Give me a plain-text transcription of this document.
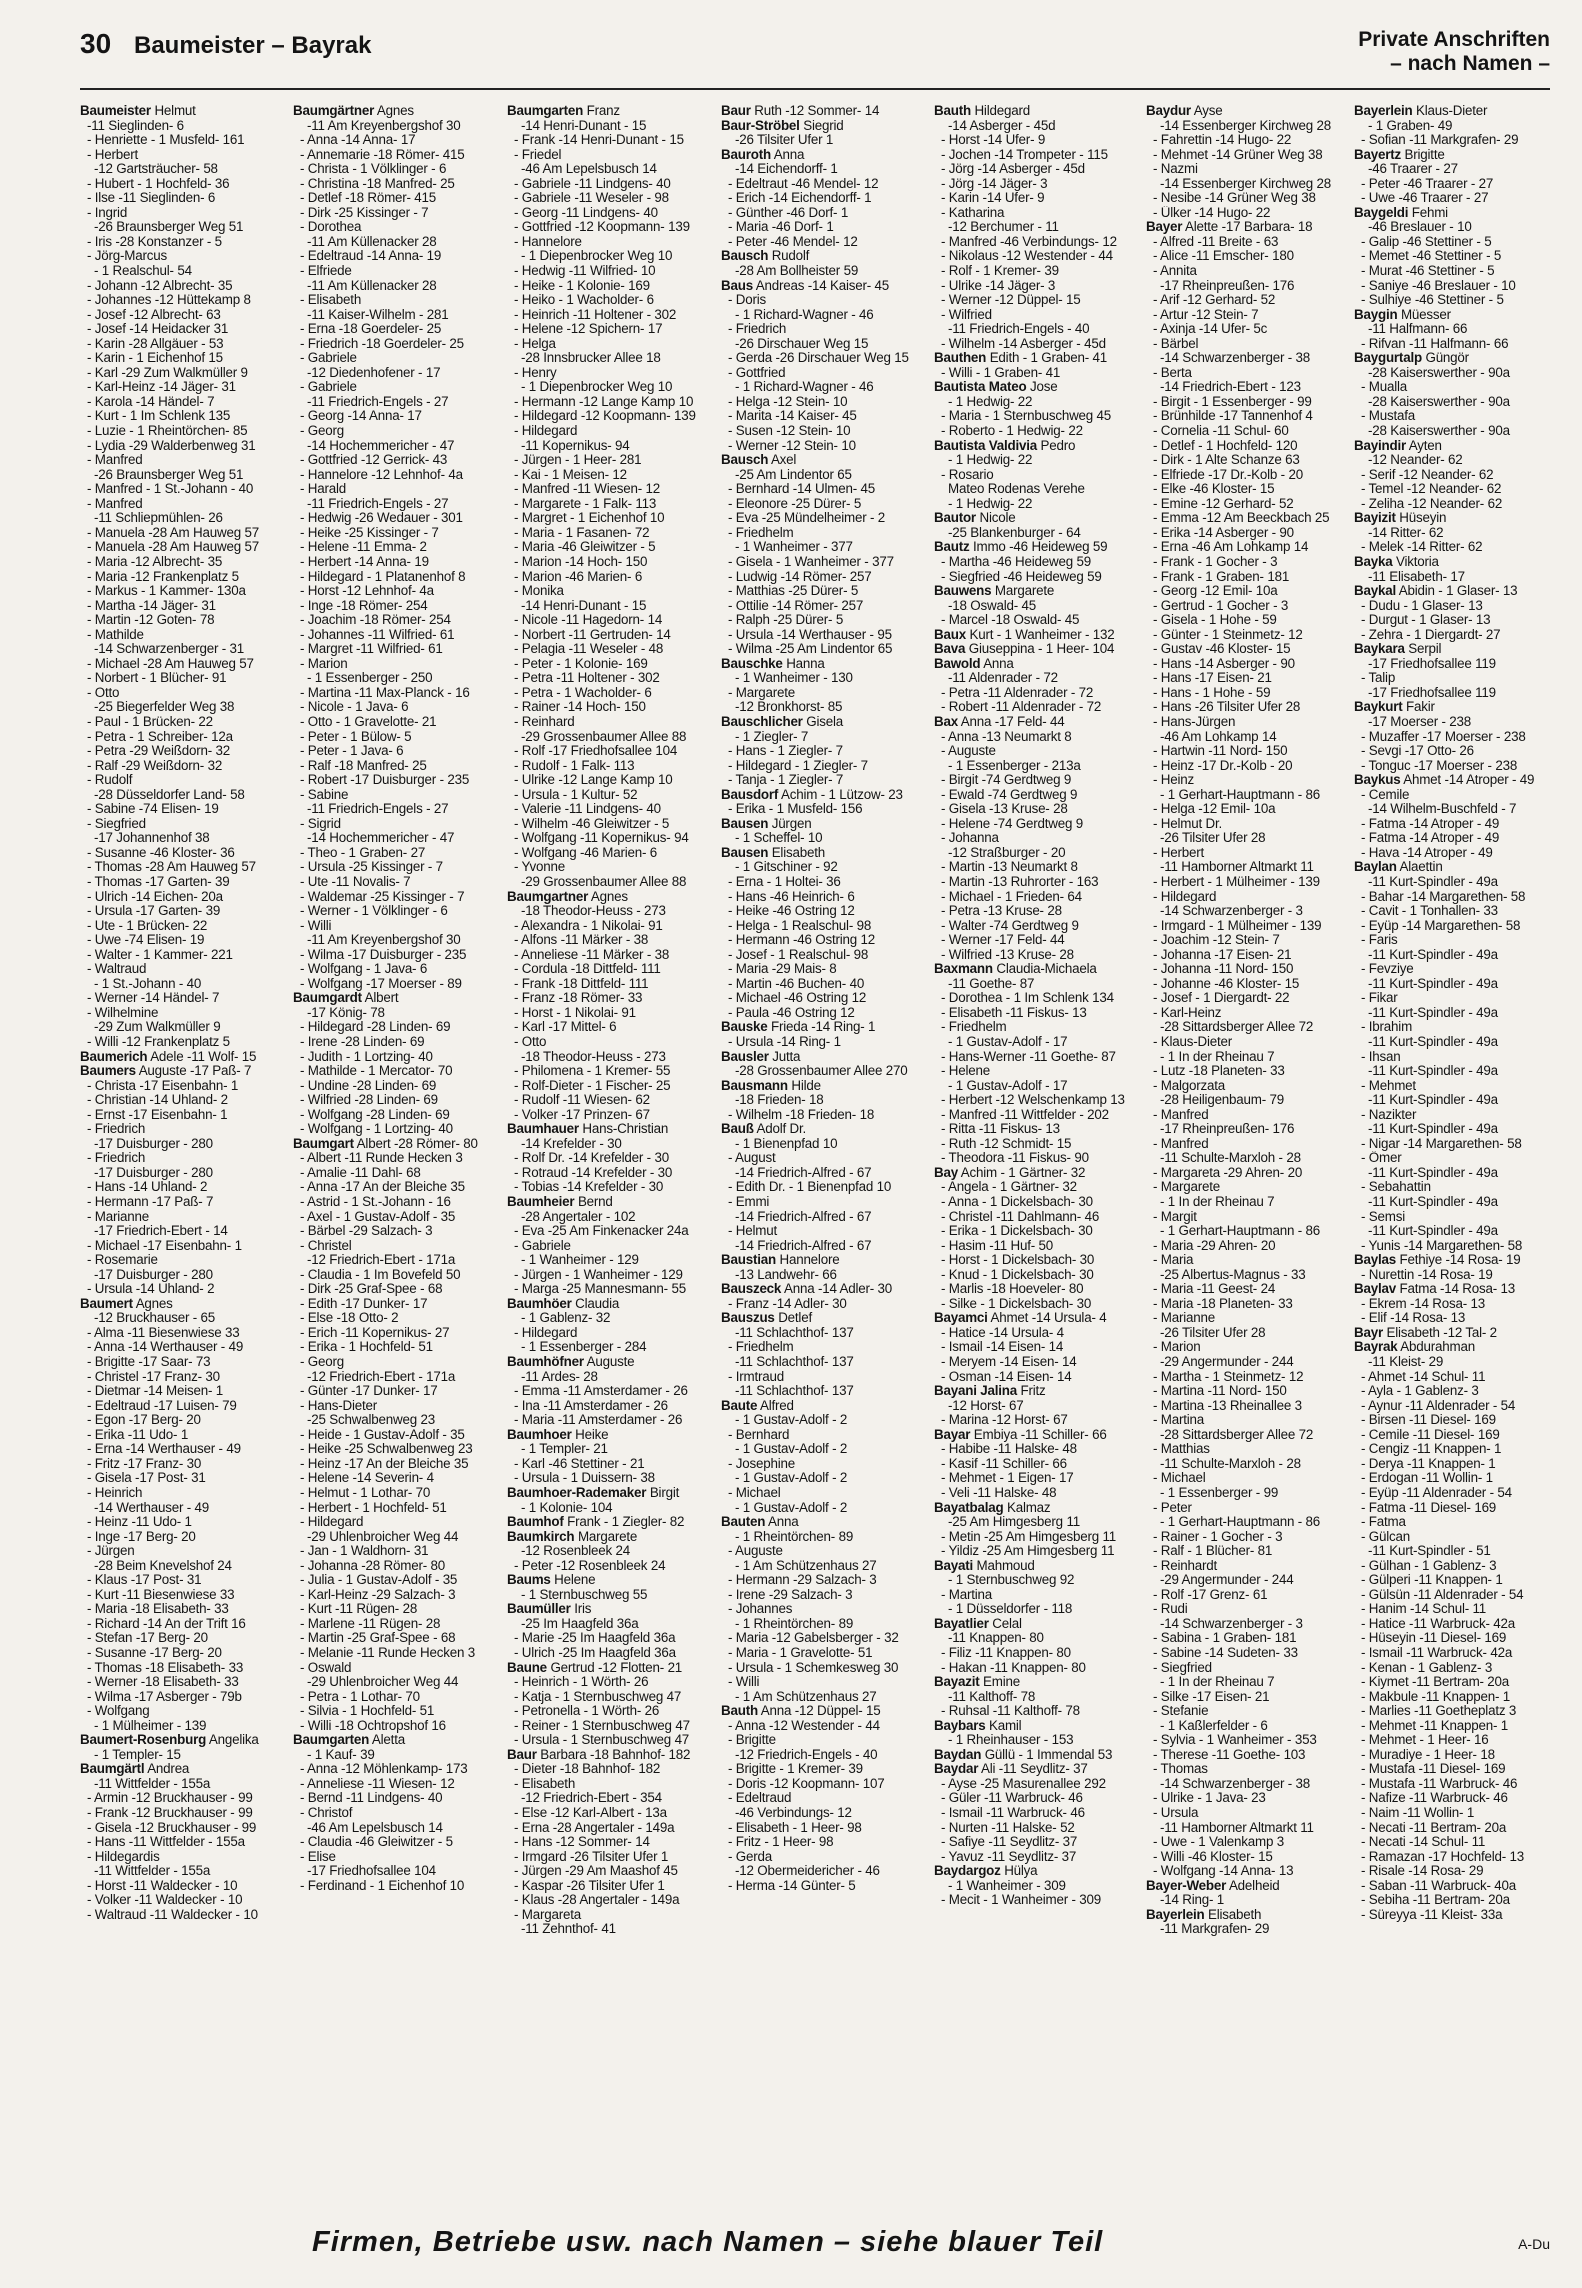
30 Baumeister – Bayrak	Private Anschriften
– nach Namen –
Baumeister Helmut
-11 Sieglinden- 6
- Henriette - 1 Musfeld- 161
- Herbert
-12 Gartsträucher- 58
- Hubert - 1 Hochfeld- 36
- Ilse -11 Sieglinden- 6
- Ingrid
-26 Braunsberger Weg 51
- Iris -28 Konstanzer - 5
- Jörg-Marcus
- 1 Realschul- 54
- Johann -12 Albrecht- 35
- Johannes -12 Hüttekamp 8
- Josef -12 Albrecht- 63
- Josef -14 Heidacker 31
- Karin -28 Allgäuer - 53
- Karin - 1 Eichenhof 15
- Karl -29 Zum Walkmüller 9
- Karl-Heinz -14 Jäger- 31
- Karola -14 Händel- 7
- Kurt - 1 Im Schlenk 135
- Luzie - 1 Rheintörchen- 85
- Lydia -29 Walderbenweg 31
- Manfred
-26 Braunsberger Weg 51
- Manfred - 1 St.-Johann - 40
- Manfred
-11 Schliepmühlen- 26
- Manuela -28 Am Hauweg 57
- Manuela -28 Am Hauweg 57
- Maria -12 Albrecht- 35
- Maria -12 Frankenplatz 5
- Markus - 1 Kammer- 130a
- Martha -14 Jäger- 31
- Martin -12 Goten- 78
- Mathilde
-14 Schwarzenberger - 31
- Michael -28 Am Hauweg 57
- Norbert - 1 Blücher- 91
- Otto
-25 Biegerfelder Weg 38
- Paul - 1 Brücken- 22
- Petra - 1 Schreiber- 12a
- Petra -29 Weißdorn- 32
- Ralf -29 Weißdorn- 32
- Rudolf
-28 Düsseldorfer Land- 58
- Sabine -74 Elisen- 19
- Siegfried
-17 Johannenhof 38
- Susanne -46 Kloster- 36
- Thomas -28 Am Hauweg 57
- Thomas -17 Garten- 39
- Ulrich -14 Eichen- 20a
- Ursula -17 Garten- 39
- Ute - 1 Brücken- 22
- Uwe -74 Elisen- 19
- Walter - 1 Kammer- 221
- Waltraud
- 1 St.-Johann - 40
- Werner -14 Händel- 7
- Wilhelmine
-29 Zum Walkmüller 9
- Willi -12 Frankenplatz 5
Baumerich Adele -11 Wolf- 15
Baumers Auguste -17 Paß- 7
- Christa -17 Eisenbahn- 1
- Christian -14 Uhland- 2
- Ernst -17 Eisenbahn- 1
- Friedrich
-17 Duisburger - 280
- Friedrich
-17 Duisburger - 280
- Hans -14 Uhland- 2
- Hermann -17 Paß- 7
- Marianne
-17 Friedrich-Ebert - 14
- Michael -17 Eisenbahn- 1
- Rosemarie
-17 Duisburger - 280
- Ursula -14 Uhland- 2
Baumert Agnes
-12 Bruckhauser - 65
- Alma -11 Biesenwiese 33
- Anna -14 Werthauser - 49
- Brigitte -17 Saar- 73
- Christel -17 Franz- 30
- Dietmar -14 Meisen- 1
- Edeltraud -17 Luisen- 79
- Egon -17 Berg- 20
- Erika -11 Udo- 1
- Erna -14 Werthauser - 49
- Fritz -17 Franz- 30
- Gisela -17 Post- 31
- Heinrich
-14 Werthauser - 49
- Heinz -11 Udo- 1
- Inge -17 Berg- 20
- Jürgen
-28 Beim Knevelshof 24
- Klaus -17 Post- 31
- Kurt -11 Biesenwiese 33
- Maria -18 Elisabeth- 33
- Richard -14 An der Trift 16
- Stefan -17 Berg- 20
- Susanne -17 Berg- 20
- Thomas -18 Elisabeth- 33
- Werner -18 Elisabeth- 33
- Wilma -17 Asberger - 79b
- Wolfgang
- 1 Mülheimer - 139
Baumert-Rosenburg Angelika
- 1 Templer- 15
Baumgärtl Andrea
-11 Wittfelder - 155a
- Armin -12 Bruckhauser - 99
- Frank -12 Bruckhauser - 99
- Gisela -12 Bruckhauser - 99
- Hans -11 Wittfelder - 155a
- Hildegardis
-11 Wittfelder - 155a
- Horst -11 Waldecker - 10
- Volker -11 Waldecker - 10
- Waltraud -11 Waldecker - 10
Baumgärtner Agnes
-11 Am Kreyenbergshof 30
- Anna -14 Anna- 17
- Annemarie -18 Römer- 415
- Christa - 1 Völklinger - 6
- Christina -18 Manfred- 25
- Detlef -18 Römer- 415
- Dirk -25 Kissinger - 7
- Dorothea
-11 Am Küllenacker 28
- Edeltraud -14 Anna- 19
- Elfriede
-11 Am Küllenacker 28
- Elisabeth
-11 Kaiser-Wilhelm - 281
- Erna -18 Goerdeler- 25
- Friedrich -18 Goerdeler- 25
- Gabriele
-12 Diedenhofener - 17
- Gabriele
-11 Friedrich-Engels - 27
- Georg -14 Anna- 17
- Georg
-14 Hochemmericher - 47
- Gottfried -12 Gerrick- 43
- Hannelore -12 Lehnhof- 4a
- Harald
-11 Friedrich-Engels - 27
- Hedwig -26 Wedauer - 301
- Heike -25 Kissinger - 7
- Helene -11 Emma- 2
- Herbert -14 Anna- 19
- Hildegard - 1 Platanenhof 8
- Horst -12 Lehnhof- 4a
- Inge -18 Römer- 254
- Joachim -18 Römer- 254
- Johannes -11 Wilfried- 61
- Margret -11 Wilfried- 61
- Marion
- 1 Essenberger - 250
- Martina -11 Max-Planck - 16
- Nicole - 1 Java- 6
- Otto - 1 Gravelotte- 21
- Peter - 1 Bülow- 5
- Peter - 1 Java- 6
- Ralf -18 Manfred- 25
- Robert -17 Duisburger - 235
- Sabine
-11 Friedrich-Engels - 27
- Sigrid
-14 Hochemmericher - 47
- Theo - 1 Graben- 27
- Ursula -25 Kissinger - 7
- Ute -11 Novalis- 7
- Waldemar -25 Kissinger - 7
- Werner - 1 Völklinger - 6
- Willi
-11 Am Kreyenbergshof 30
- Wilma -17 Duisburger - 235
- Wolfgang - 1 Java- 6
- Wolfgang -17 Moerser - 89
Baumgardt Albert
-17 König- 78
- Hildegard -28 Linden- 69
- Irene -28 Linden- 69
- Judith - 1 Lortzing- 40
- Mathilde - 1 Mercator- 70
- Undine -28 Linden- 69
- Wilfried -28 Linden- 69
- Wolfgang -28 Linden- 69
- Wolfgang - 1 Lortzing- 40
Baumgart Albert -28 Römer- 80
- Albert -11 Runde Hecken 3
- Amalie -11 Dahl- 68
- Anna -17 An der Bleiche 35
- Astrid - 1 St.-Johann - 16
- Axel - 1 Gustav-Adolf - 35
- Bärbel -29 Salzach- 3
- Christel
-12 Friedrich-Ebert - 171a
- Claudia - 1 Im Bovefeld 50
- Dirk -25 Graf-Spee - 68
- Edith -17 Dunker- 17
- Else -18 Otto- 2
- Erich -11 Kopernikus- 27
- Erika - 1 Hochfeld- 51
- Georg
-12 Friedrich-Ebert - 171a
- Günter -17 Dunker- 17
- Hans-Dieter
-25 Schwalbenweg 23
- Heide - 1 Gustav-Adolf - 35
- Heike -25 Schwalbenweg 23
- Heinz -17 An der Bleiche 35
- Helene -14 Severin- 4
- Helmut - 1 Lothar- 70
- Herbert - 1 Hochfeld- 51
- Hildegard
-29 Uhlenbroicher Weg 44
- Jan - 1 Waldhorn- 31
- Johanna -28 Römer- 80
- Julia - 1 Gustav-Adolf - 35
- Karl-Heinz -29 Salzach- 3
- Kurt -11 Rügen- 28
- Marlene -11 Rügen- 28
- Martin -25 Graf-Spee - 68
- Melanie -11 Runde Hecken 3
- Oswald
-29 Uhlenbroicher Weg 44
- Petra - 1 Lothar- 70
- Silvia - 1 Hochfeld- 51
- Willi -18 Ochtropshof 16
Baumgarten Aletta
- 1 Kauf- 39
- Anna -12 Möhlenkamp- 173
- Anneliese -11 Wiesen- 12
- Bernd -11 Lindgens- 40
- Christof
-46 Am Lepelsbusch 14
- Claudia -46 Gleiwitzer - 5
- Elise
-17 Friedhofsallee 104
- Ferdinand - 1 Eichenhof 10
Baumgarten Franz
-14 Henri-Dunant - 15
- Frank -14 Henri-Dunant - 15
- Friedel
-46 Am Lepelsbusch 14
- Gabriele -11 Lindgens- 40
- Gabriele -11 Weseler - 98
- Georg -11 Lindgens- 40
- Gottfried -12 Koopmann- 139
- Hannelore
- 1 Diepenbrocker Weg 10
- Hedwig -11 Wilfried- 10
- Heike - 1 Kolonie- 169
- Heiko - 1 Wacholder- 6
- Heinrich -11 Holtener - 302
- Helene -12 Spichern- 17
- Helga
-28 Innsbrucker Allee 18
- Henry
- 1 Diepenbrocker Weg 10
- Hermann -12 Lange Kamp 10
- Hildegard -12 Koopmann- 139
- Hildegard
-11 Kopernikus- 94
- Jürgen - 1 Heer- 281
- Kai - 1 Meisen- 12
- Manfred -11 Wiesen- 12
- Margarete - 1 Falk- 113
- Margret - 1 Eichenhof 10
- Maria - 1 Fasanen- 72
- Maria -46 Gleiwitzer - 5
- Marion -14 Hoch- 150
- Marion -46 Marien- 6
- Monika
-14 Henri-Dunant - 15
- Nicole -11 Hagedorn- 14
- Norbert -11 Gertruden- 14
- Pelagia -11 Weseler - 48
- Peter - 1 Kolonie- 169
- Petra -11 Holtener - 302
- Petra - 1 Wacholder- 6
- Rainer -14 Hoch- 150
- Reinhard
-29 Grossenbaumer Allee 88
- Rolf -17 Friedhofsallee 104
- Rudolf - 1 Falk- 113
- Ulrike -12 Lange Kamp 10
- Ursula - 1 Kultur- 52
- Valerie -11 Lindgens- 40
- Wilhelm -46 Gleiwitzer - 5
- Wolfgang -11 Kopernikus- 94
- Wolfgang -46 Marien- 6
- Yvonne
-29 Grossenbaumer Allee 88
Baumgartner Agnes
-18 Theodor-Heuss - 273
- Alexandra - 1 Nikolai- 91
- Alfons -11 Märker - 38
- Anneliese -11 Märker - 38
- Cordula -18 Dittfeld- 111
- Frank -18 Dittfeld- 111
- Franz -18 Römer- 33
- Horst - 1 Nikolai- 91
- Karl -17 Mittel- 6
- Otto
-18 Theodor-Heuss - 273
- Philomena - 1 Kremer- 55
- Rolf-Dieter - 1 Fischer- 25
- Rudolf -11 Wiesen- 62
- Volker -17 Prinzen- 67
Baumhauer Hans-Christian
-14 Krefelder - 30
- Rolf Dr. -14 Krefelder - 30
- Rotraud -14 Krefelder - 30
- Tobias -14 Krefelder - 30
Baumheier Bernd
-28 Angertaler - 102
- Eva -25 Am Finkenacker 24a
- Gabriele
- 1 Wanheimer - 129
- Jürgen - 1 Wanheimer - 129
- Marga -25 Mannesmann- 55
Baumhöer Claudia
- 1 Gablenz- 32
- Hildegard
- 1 Essenberger - 284
Baumhöfner Auguste
-11 Ardes- 28
- Emma -11 Amsterdamer - 26
- Ina -11 Amsterdamer - 26
- Maria -11 Amsterdamer - 26
Baumhoer Heike
- 1 Templer- 21
- Karl -46 Stettiner - 21
- Ursula - 1 Duissern- 38
Baumhoer-Rademaker Birgit
- 1 Kolonie- 104
Baumhof Frank - 1 Ziegler- 82
Baumkirch Margarete
-12 Rosenbleek 24
- Peter -12 Rosenbleek 24
Baums Helene
- 1 Sternbuschweg 55
Baumüller Iris
-25 Im Haagfeld 36a
- Marie -25 Im Haagfeld 36a
- Ulrich -25 Im Haagfeld 36a
Baune Gertrud -12 Flotten- 21
- Heinrich - 1 Wörth- 26
- Katja - 1 Sternbuschweg 47
- Petronella - 1 Wörth- 26
- Reiner - 1 Sternbuschweg 47
- Ursula - 1 Sternbuschweg 47
Baur Barbara -18 Bahnhof- 182
- Dieter -18 Bahnhof- 182
- Elisabeth
-12 Friedrich-Ebert - 354
- Else -12 Karl-Albert - 13a
- Erna -28 Angertaler - 149a
- Hans -12 Sommer- 14
- Irmgard -26 Tilsiter Ufer 1
- Jürgen -29 Am Maashof 45
- Kaspar -26 Tilsiter Ufer 1
- Klaus -28 Angertaler - 149a
- Margareta
-11 Zehnthof- 41
Baur Ruth -12 Sommer- 14
Baur-Ströbel Siegrid
-26 Tilsiter Ufer 1
Bauroth Anna
-14 Eichendorff- 1
- Edeltraut -46 Mendel- 12
- Erich -14 Eichendorff- 1
- Günther -46 Dorf- 1
- Maria -46 Dorf- 1
- Peter -46 Mendel- 12
Bausch Rudolf
-28 Am Bollheister 59
Baus Andreas -14 Kaiser- 45
- Doris
- 1 Richard-Wagner - 46
- Friedrich
-26 Dirschauer Weg 15
- Gerda -26 Dirschauer Weg 15
- Gottfried
- 1 Richard-Wagner - 46
- Helga -12 Stein- 10
- Marita -14 Kaiser- 45
- Susen -12 Stein- 10
- Werner -12 Stein- 10
Bausch Axel
-25 Am Lindentor 65
- Bernhard -14 Ulmen- 45
- Eleonore -25 Dürer- 5
- Eva -25 Mündelheimer - 2
- Friedhelm
- 1 Wanheimer - 377
- Gisela - 1 Wanheimer - 377
- Ludwig -14 Römer- 257
- Matthias -25 Dürer- 5
- Ottilie -14 Römer- 257
- Ralph -25 Dürer- 5
- Ursula -14 Werthauser - 95
- Wilma -25 Am Lindentor 65
Bauschke Hanna
- 1 Wanheimer - 130
- Margarete
-12 Bronkhorst- 85
Bauschlicher Gisela
- 1 Ziegler- 7
- Hans - 1 Ziegler- 7
- Hildegard - 1 Ziegler- 7
- Tanja - 1 Ziegler- 7
Bausdorf Achim - 1 Lützow- 23
- Erika - 1 Musfeld- 156
Bausen Jürgen
- 1 Scheffel- 10
Bausen Elisabeth
- 1 Gitschiner - 92
- Erna - 1 Holtei- 36
- Hans -46 Heinrich- 6
- Heike -46 Ostring 12
- Helga - 1 Realschul- 98
- Hermann -46 Ostring 12
- Josef - 1 Realschul- 98
- Maria -29 Mais- 8
- Martin -46 Buchen- 40
- Michael -46 Ostring 12
- Paula -46 Ostring 12
Bauske Frieda -14 Ring- 1
- Ursula -14 Ring- 1
Bausler Jutta
-28 Grossenbaumer Allee 270
Bausmann Hilde
-18 Frieden- 18
- Wilhelm -18 Frieden- 18
Bauß Adolf Dr.
- 1 Bienenpfad 10
- August
-14 Friedrich-Alfred - 67
- Edith Dr. - 1 Bienenpfad 10
- Emmi
-14 Friedrich-Alfred - 67
- Helmut
-14 Friedrich-Alfred - 67
Baustian Hannelore
-13 Landwehr- 66
Bauszeck Anna -14 Adler- 30
- Franz -14 Adler- 30
Bauszus Detlef
-11 Schlachthof- 137
- Friedhelm
-11 Schlachthof- 137
- Irmtraud
-11 Schlachthof- 137
Baute Alfred
- 1 Gustav-Adolf - 2
- Bernhard
- 1 Gustav-Adolf - 2
- Josephine
- 1 Gustav-Adolf - 2
- Michael
- 1 Gustav-Adolf - 2
Bauten Anna
- 1 Rheintörchen- 89
- Auguste
- 1 Am Schützenhaus 27
- Hermann -29 Salzach- 3
- Irene -29 Salzach- 3
- Johannes
- 1 Rheintörchen- 89
- Maria -12 Gabelsberger - 32
- Maria - 1 Gravelotte- 51
- Ursula - 1 Schemkesweg 30
- Willi
- 1 Am Schützenhaus 27
Bauth Anna -12 Düppel- 15
- Anna -12 Westender - 44
- Brigitte
-12 Friedrich-Engels - 40
- Brigitte - 1 Kremer- 39
- Doris -12 Koopmann- 107
- Edeltraud
-46 Verbindungs- 12
- Elisabeth - 1 Heer- 98
- Fritz - 1 Heer- 98
- Gerda
-12 Obermeidericher - 46
- Herma -14 Günter- 5
Bauth Hildegard
-14 Asberger - 45d
- Horst -14 Ufer- 9
- Jochen -14 Trompeter - 115
- Jörg -14 Asberger - 45d
- Jörg -14 Jäger- 3
- Karin -14 Ufer- 9
- Katharina
-12 Berchumer - 11
- Manfred -46 Verbindungs- 12
- Nikolaus -12 Westender - 44
- Rolf - 1 Kremer- 39
- Ulrike -14 Jäger- 3
- Werner -12 Düppel- 15
- Wilfried
-11 Friedrich-Engels - 40
- Wilhelm -14 Asberger - 45d
Bauthen Edith - 1 Graben- 41
- Willi - 1 Graben- 41
Bautista Mateo Jose
- 1 Hedwig- 22
- Maria - 1 Sternbuschweg 45
- Roberto - 1 Hedwig- 22
Bautista Valdivia Pedro
- 1 Hedwig- 22
- Rosario
Mateo Rodenas Verehe
- 1 Hedwig- 22
Bautor Nicole
-25 Blankenburger - 64
Bautz Immo -46 Heideweg 59
- Martha -46 Heideweg 59
- Siegfried -46 Heideweg 59
Bauwens Margarete
-18 Oswald- 45
- Marcel -18 Oswald- 45
Baux Kurt - 1 Wanheimer - 132
Bava Giuseppina - 1 Heer- 104
Bawold Anna
-11 Aldenrader - 72
- Petra -11 Aldenrader - 72
- Robert -11 Aldenrader - 72
Bax Anna -17 Feld- 44
- Anna -13 Neumarkt 8
- Auguste
- 1 Essenberger - 213a
- Birgit -74 Gerdtweg 9
- Ewald -74 Gerdtweg 9
- Gisela -13 Kruse- 28
- Helene -74 Gerdtweg 9
- Johanna
-12 Straßburger - 20
- Martin -13 Neumarkt 8
- Martin -13 Ruhrorter - 163
- Michael - 1 Frieden- 64
- Petra -13 Kruse- 28
- Walter -74 Gerdtweg 9
- Werner -17 Feld- 44
- Wilfried -13 Kruse- 28
Baxmann Claudia-Michaela
-11 Goethe- 87
- Dorothea - 1 Im Schlenk 134
- Elisabeth -11 Fiskus- 13
- Friedhelm
- 1 Gustav-Adolf - 17
- Hans-Werner -11 Goethe- 87
- Helene
- 1 Gustav-Adolf - 17
- Herbert -12 Welschenkamp 13
- Manfred -11 Wittfelder - 202
- Ritta -11 Fiskus- 13
- Ruth -12 Schmidt- 15
- Theodora -11 Fiskus- 90
Bay Achim - 1 Gärtner- 32
- Angela - 1 Gärtner- 32
- Anna - 1 Dickelsbach- 30
- Christel -11 Dahlmann- 46
- Erika - 1 Dickelsbach- 30
- Hasim -11 Huf- 50
- Horst - 1 Dickelsbach- 30
- Knud - 1 Dickelsbach- 30
- Marlis -18 Hoeveler- 80
- Silke - 1 Dickelsbach- 30
Bayamci Ahmet -14 Ursula- 4
- Hatice -14 Ursula- 4
- Ismail -14 Eisen- 14
- Meryem -14 Eisen- 14
- Osman -14 Eisen- 14
Bayani Jalina Fritz
-12 Horst- 67
- Marina -12 Horst- 67
Bayar Embiya -11 Schiller- 66
- Habibe -11 Halske- 48
- Kasif -11 Schiller- 66
- Mehmet - 1 Eigen- 17
- Veli -11 Halske- 48
Bayatbalag Kalmaz
-25 Am Himgesberg 11
- Metin -25 Am Himgesberg 11
- Yildiz -25 Am Himgesberg 11
Bayati Mahmoud
- 1 Sternbuschweg 92
- Martina
- 1 Düsseldorfer - 118
Bayatlier Celal
-11 Knappen- 80
- Filiz -11 Knappen- 80
- Hakan -11 Knappen- 80
Bayazit Emine
-11 Kalthoff- 78
- Ruhsal -11 Kalthoff- 78
Baybars Kamil
- 1 Rheinhauser - 153
Baydan Güllü - 1 Immendal 53
Baydar Ali -11 Seydlitz- 37
- Ayse -25 Masurenallee 292
- Güler -11 Warbruck- 46
- Ismail -11 Warbruck- 46
- Nurten -11 Halske- 52
- Safiye -11 Seydlitz- 37
- Yavuz -11 Seydlitz- 37
Baydargoz Hülya
- 1 Wanheimer - 309
- Mecit - 1 Wanheimer - 309
Baydur Ayse
-14 Essenberger Kirchweg 28
- Fahrettin -14 Hugo- 22
- Mehmet -14 Grüner Weg 38
- Nazmi
-14 Essenberger Kirchweg 28
- Nesibe -14 Grüner Weg 38
- Ülker -14 Hugo- 22
Bayer Alette -17 Barbara- 18
- Alfred -11 Breite - 63
- Alice -11 Emscher- 180
- Annita
-17 Rheinpreußen- 176
- Arif -12 Gerhard- 52
- Artur -12 Stein- 7
- Axinja -14 Ufer- 5c
- Bärbel
-14 Schwarzenberger - 38
- Berta
-14 Friedrich-Ebert - 123
- Birgit - 1 Essenberger - 99
- Brünhilde -17 Tannenhof 4
- Cornelia -11 Schul- 60
- Detlef - 1 Hochfeld- 120
- Dirk - 1 Alte Schanze 63
- Elfriede -17 Dr.-Kolb - 20
- Elke -46 Kloster- 15
- Emine -12 Gerhard- 52
- Emma -12 Am Beeckbach 25
- Erika -14 Asberger - 90
- Erna -46 Am Lohkamp 14
- Frank - 1 Gocher - 3
- Frank - 1 Graben- 181
- Georg -12 Emil- 10a
- Gertrud - 1 Gocher - 3
- Gisela - 1 Hohe - 59
- Günter - 1 Steinmetz- 12
- Gustav -46 Kloster- 15
- Hans -14 Asberger - 90
- Hans -17 Eisen- 21
- Hans - 1 Hohe - 59
- Hans -26 Tilsiter Ufer 28
- Hans-Jürgen
-46 Am Lohkamp 14
- Hartwin -11 Nord- 150
- Heinz -17 Dr.-Kolb - 20
- Heinz
- 1 Gerhart-Hauptmann - 86
- Helga -12 Emil- 10a
- Helmut Dr.
-26 Tilsiter Ufer 28
- Herbert
-11 Hamborner Altmarkt 11
- Herbert - 1 Mülheimer - 139
- Hildegard
-14 Schwarzenberger - 3
- Irmgard - 1 Mülheimer - 139
- Joachim -12 Stein- 7
- Johanna -17 Eisen- 21
- Johanna -11 Nord- 150
- Johanne -46 Kloster- 15
- Josef - 1 Diergardt- 22
- Karl-Heinz
-28 Sittardsberger Allee 72
- Klaus-Dieter
- 1 In der Rheinau 7
- Lutz -18 Planeten- 33
- Malgorzata
-28 Heiligenbaum- 79
- Manfred
-17 Rheinpreußen- 176
- Manfred
-11 Schulte-Marxloh - 28
- Margareta -29 Ahren- 20
- Margarete
- 1 In der Rheinau 7
- Margit
- 1 Gerhart-Hauptmann - 86
- Maria -29 Ahren- 20
- Maria
-25 Albertus-Magnus - 33
- Maria -11 Geest- 24
- Maria -18 Planeten- 33
- Marianne
-26 Tilsiter Ufer 28
- Marion
-29 Angermunder - 244
- Martha - 1 Steinmetz- 12
- Martina -11 Nord- 150
- Martina -13 Rheinallee 3
- Martina
-28 Sittardsberger Allee 72
- Matthias
-11 Schulte-Marxloh - 28
- Michael
- 1 Essenberger - 99
- Peter
- 1 Gerhart-Hauptmann - 86
- Rainer - 1 Gocher - 3
- Ralf - 1 Blücher- 81
- Reinhardt
-29 Angermunder - 244
- Rolf -17 Grenz- 61
- Rudi
-14 Schwarzenberger - 3
- Sabina - 1 Graben- 181
- Sabine -14 Sudeten- 33
- Siegfried
- 1 In der Rheinau 7
- Silke -17 Eisen- 21
- Stefanie
- 1 Kaßlerfelder - 6
- Sylvia - 1 Wanheimer - 353
- Therese -11 Goethe- 103
- Thomas
-14 Schwarzenberger - 38
- Ulrike - 1 Java- 23
- Ursula
-11 Hamborner Altmarkt 11
- Uwe - 1 Valenkamp 3
- Willi -46 Kloster- 15
- Wolfgang -14 Anna- 13
Bayer-Weber Adelheid
-14 Ring- 1
Bayerlein Elisabeth
-11 Markgrafen- 29
Bayerlein Klaus-Dieter
- 1 Graben- 49
- Sofian -11 Markgrafen- 29
Bayertz Brigitte
-46 Traarer - 27
- Peter -46 Traarer - 27
- Uwe -46 Traarer - 27
Baygeldi Fehmi
-46 Breslauer - 10
- Galip -46 Stettiner - 5
- Memet -46 Stettiner - 5
- Murat -46 Stettiner - 5
- Saniye -46 Breslauer - 10
- Sulhiye -46 Stettiner - 5
Baygin Müesser
-11 Halfmann- 66
- Rifvan -11 Halfmann- 66
Baygurtalp Güngör
-28 Kaiserswerther - 90a
- Mualla
-28 Kaiserswerther - 90a
- Mustafa
-28 Kaiserswerther - 90a
Bayindir Ayten
-12 Neander- 62
- Serif -12 Neander- 62
- Temel -12 Neander- 62
- Zeliha -12 Neander- 62
Bayizit Hüseyin
-14 Ritter- 62
- Melek -14 Ritter- 62
Bayka Viktoria
-11 Elisabeth- 17
Baykal Abidin - 1 Glaser- 13
- Dudu - 1 Glaser- 13
- Durgut - 1 Glaser- 13
- Zehra - 1 Diergardt- 27
Baykara Serpil
-17 Friedhofsallee 119
- Talip
-17 Friedhofsallee 119
Baykurt Fakir
-17 Moerser - 238
- Muzaffer -17 Moerser - 238
- Sevgi -17 Otto- 26
- Tonguc -17 Moerser - 238
Baykus Ahmet -14 Atroper - 49
- Cemile
-14 Wilhelm-Buschfeld - 7
- Fatma -14 Atroper - 49
- Fatma -14 Atroper - 49
- Hava -14 Atroper - 49
Baylan Alaettin
-11 Kurt-Spindler - 49a
- Bahar -14 Margarethen- 58
- Cavit - 1 Tonhallen- 33
- Eyüp -14 Margarethen- 58
- Faris
-11 Kurt-Spindler - 49a
- Fevziye
-11 Kurt-Spindler - 49a
- Fikar
-11 Kurt-Spindler - 49a
- Ibrahim
-11 Kurt-Spindler - 49a
- Ihsan
-11 Kurt-Spindler - 49a
- Mehmet
-11 Kurt-Spindler - 49a
- Nazikter
-11 Kurt-Spindler - 49a
- Nigar -14 Margarethen- 58
- Ömer
-11 Kurt-Spindler - 49a
- Sebahattin
-11 Kurt-Spindler - 49a
- Semsi
-11 Kurt-Spindler - 49a
- Yunis -14 Margarethen- 58
Baylas Fethiye -14 Rosa- 19
- Nurettin -14 Rosa- 19
Baylav Fatma -14 Rosa- 13
- Ekrem -14 Rosa- 13
- Elif -14 Rosa- 13
Bayr Elisabeth -12 Tal- 2
Bayrak Abdurahman
-11 Kleist- 29
- Ahmet -14 Schul- 11
- Ayla - 1 Gablenz- 3
- Aynur -11 Aldenrader - 54
- Birsen -11 Diesel- 169
- Cemile -11 Diesel- 169
- Cengiz -11 Knappen- 1
- Derya -11 Knappen- 1
- Erdogan -11 Wollin- 1
- Eyüp -11 Aldenrader - 54
- Fatma -11 Diesel- 169
- Fatma
- Gülcan
-11 Kurt-Spindler - 51
- Gülhan - 1 Gablenz- 3
- Gülperi -11 Knappen- 1
- Gülsün -11 Aldenrader - 54
- Hanim -14 Schul- 11
- Hatice -11 Warbruck- 42a
- Hüseyin -11 Diesel- 169
- Ismail -11 Warbruck- 42a
- Kenan - 1 Gablenz- 3
- Kiymet -11 Bertram- 20a
- Makbule -11 Knappen- 1
- Marlies -11 Goetheplatz 3
- Mehmet -11 Knappen- 1
- Mehmet - 1 Heer- 16
- Muradiye - 1 Heer- 18
- Mustafa -11 Diesel- 169
- Mustafa -11 Warbruck- 46
- Nafize -11 Warbruck- 46
- Naim -11 Wollin- 1
- Necati -11 Bertram- 20a
- Necati -14 Schul- 11
- Ramazan -17 Hochfeld- 13
- Risale -14 Rosa- 29
- Saban -11 Warbruck- 40a
- Sebiha -11 Bertram- 20a
- Süreyya -11 Kleist- 33a
Firmen, Betriebe usw. nach Namen – siehe blauer Teil	A-Du
